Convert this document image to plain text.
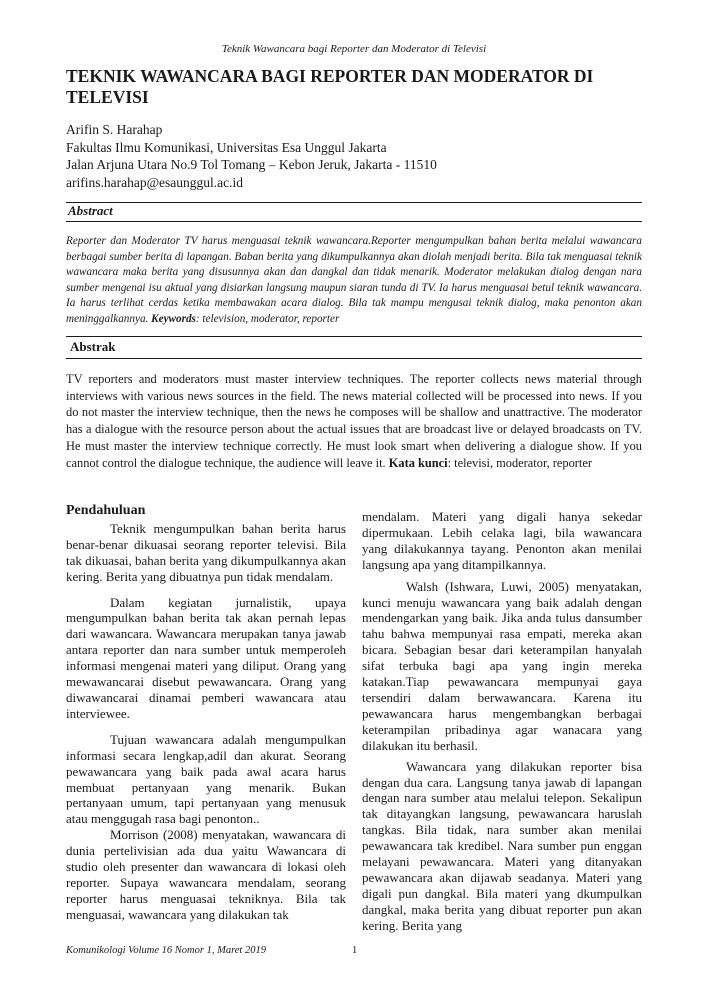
Teknik Wawancara bagi Reporter dan Moderator di Televisi
TEKNIK WAWANCARA BAGI REPORTER DAN MODERATOR DI TELEVISI
Arifin S. Harahap
Fakultas Ilmu Komunikasi, Universitas Esa Unggul Jakarta
Jalan Arjuna Utara No.9 Tol Tomang – Kebon Jeruk, Jakarta - 11510
arifins.harahap@esaunggul.ac.id
Abstract
Reporter dan Moderator TV harus menguasai teknik wawancara.Reporter mengumpulkan bahan berita melalui wawancara berbagai sumber berita di lapangan. Baban berita yang dikumpulkannya akan diolah menjadi berita. Bila tak menguasai teknik wawancara maka berita yang disusunnya akan dan dangkal dan tidak menarik. Moderator melakukan dialog dengan nara sumber mengenai isu aktual yang disiarkan langsung maupun siaran tunda di TV. Ia harus menguasai betul teknik wawancara. Ia harus terlihat cerdas ketika membawakan acara dialog. Bila tak mampu mengusai teknik dialog, maka penonton akan meninggalkannya. Keywords: television, moderator, reporter
Abstrak
TV reporters and moderators must master interview techniques. The reporter collects news material through interviews with various news sources in the field. The news material collected will be processed into news. If you do not master the interview technique, then the news he composes will be shallow and unattractive. The moderator has a dialogue with the resource person about the actual issues that are broadcast live or delayed broadcasts on TV. He must master the interview technique correctly. He must look smart when delivering a dialogue show. If you cannot control the dialogue technique, the audience will leave it. Kata kunci: televisi, moderator, reporter
Pendahuluan

Teknik mengumpulkan bahan berita harus benar-benar dikuasai seorang reporter televisi. Bila tak dikuasai, bahan berita yang dikumpulkannya akan kering. Berita yang dibuatnya pun tidak mendalam.

Dalam kegiatan jurnalistik, upaya mengumpulkan bahan berita tak akan pernah lepas dari wawancara. Wawancara merupakan tanya jawab antara reporter dan nara sumber untuk memperoleh informasi mengenai materi yang diliput. Orang yang mewawancarai disebut pewawancara. Orang yang diwawancarai dinamai pemberi wawancara atau interviewee.

Tujuan wawancara adalah mengumpulkan informasi secara lengkap,adil dan akurat. Seorang pewawancara yang baik pada awal acara harus membuat pertanyaan yang menarik. Bukan pertanyaan umum, tapi pertanyaan yang menusuk atau menggugah rasa bagi penonton..

Morrison (2008) menyatakan, wawancara di dunia pertelivisian ada dua yaitu Wawancara di studio oleh presenter dan wawancara di lokasi oleh reporter. Supaya wawancara mendalam, seorang reporter harus menguasai tekniknya. Bila tak menguasai, wawancara yang dilakukan tak

mendalam. Materi yang digali hanya sekedar dipermukaan. Lebih celaka lagi, bila wawancara yang dilakukannya tayang. Penonton akan menilai langsung apa yang ditampilkannya.

Walsh (Ishwara, Luwi, 2005) menyatakan, kunci menuju wawancara yang baik adalah dengan mendengarkan yang baik. Jika anda tulus dansumber tahu bahwa mempunyai rasa empati, mereka akan bicara. Sebagian besar dari keterampilan hanyalah sifat terbuka bagi apa yang ingin mereka katakan.Tiap pewawancara mempunyai gaya tersendiri dalam berwawancara. Karena itu pewawancara harus mengembangkan berbagai keterampilan pribadinya agar wanacara yang dilakukan itu berhasil.

Wawancara yang dilakukan reporter bisa dengan dua cara. Langsung tanya jawab di lapangan dengan nara sumber atau melalui telepon. Sekalipun tak ditayangkan langsung, pewawancara haruslah tangkas. Bila tidak, nara sumber akan menilai pewawancara tak kredibel. Nara sumber pun enggan melayani pewawancara. Materi yang ditanyakan pewawancara akan dijawab seadanya. Materi yang digali pun dangkal. Bila materi yang dkumpulkan dangkal, maka berita yang dibuat reporter pun akan kering. Berita yang

Komunikologi Volume 16 Nomor 1, Maret 2019	1
